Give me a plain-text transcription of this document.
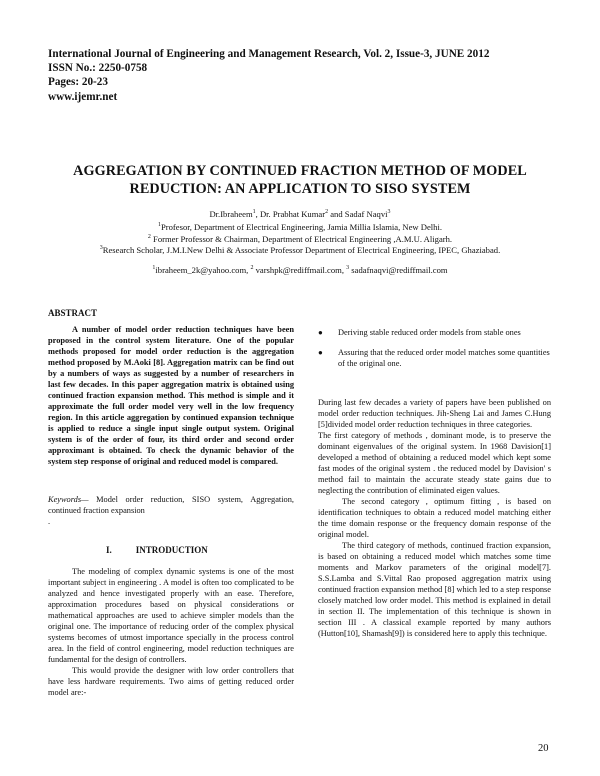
International Journal of Engineering and Management Research, Vol. 2, Issue-3, JUNE 2012
ISSN No.: 2250-0758
Pages: 20-23
www.ijemr.net
AGGREGATION BY CONTINUED FRACTION METHOD OF MODEL
REDUCTION: AN APPLICATION TO SISO SYSTEM
Dr.Ibraheem$^1$, Dr. Prabhat Kumar$^2$ and Sadaf Naqvi$^3$
$^1$Profesor, Department of Electrical Engineering, Jamia Millia Islamia, New Delhi.
$^2$ Former Professor & Chairman, Department of Electrical Engineering ,A.M.U. Aligarh.
$^3$Research Scholar, J.M.I.New Delhi & Associate Professor Department of Electrical Engineering, IPEC, Ghaziabad.
$^1$ibraheem_2k@yahoo.com, $^2$ varshpk@rediffmail.com, $^3$ sadafnaqvi@rediffmail.com
ABSTRACT

A number of model order reduction techniques have been proposed in the control system literature. One of the popular methods proposed for model order reduction is the aggregation method proposed by M.Aoki [8]. Aggregation matrix can be find out by a numbers of ways as suggested by a number of researchers in last few decades. In this paper aggregation matrix is obtained using continued fraction expansion method. This method is simple and it approximate the full order model very well in the low frequency region. In this article aggregation by continued expansion technique is applied to reduce a single input single output system. Original system is of the order of four, its third order and second order approximant is obtained. To check the dynamic behavior of the system step response of original and reduced model is compared.

Keywords— Model order reduction, SISO system, Aggregation, continued fraction expansion

.

I.	INTRODUCTION

The modeling of complex dynamic systems is one of the most important subject in engineering . A model is often too complicated to be analyzed and hence investigated properly with an ease. Therefore, approximation procedures based on physical considerations or mathematical approaches are used to achieve simpler models than the original one. The importance of reducing order of the complex physical systems becomes of utmost importance specially in the process control area. In the field of control engineering, model reduction techniques are fundamental for the design of controllers.

This would provide the designer with low order controllers that have less hardware requirements. Two aims of getting reduced order model are:-

● Deriving stable reduced order models from stable ones
● Assuring that the reduced order model matches some quantities of the original one.

During last few decades a variety of papers have been published on model order reduction techniques. Jih-Sheng Lai and James C.Hung [5]divided model order reduction techniques in three categories.

The first category of methods , dominant mode, is to preserve the dominant eigenvalues of the original system. In 1968 Davision[1] developed a method of obtaining a reduced model which kept some fast modes of the original system . the reduced model by Davision' s method fail to maintain the accurate steady state gains due to neglecting the contribution of eliminated eigen values.

The second category , optimum fitting , is based on identification techniques to obtain a reduced model matching either the time domain response or the frequency domain response of the original model.

The third category of methods, continued fraction expansion, is based on obtaining a reduced model which matches some time moments and Markov parameters of the original model[7]. S.S.Lamba and S.Vittal Rao proposed aggregation matrix using continued fraction expansion method [8] which led to a step response closely matched low order model. This method is explained in detail in section II. The implementation of this technique is shown in section III . A classical example reported by many authors (Hutton[10], Shamash[9]) is considered here to apply this technique.

20
